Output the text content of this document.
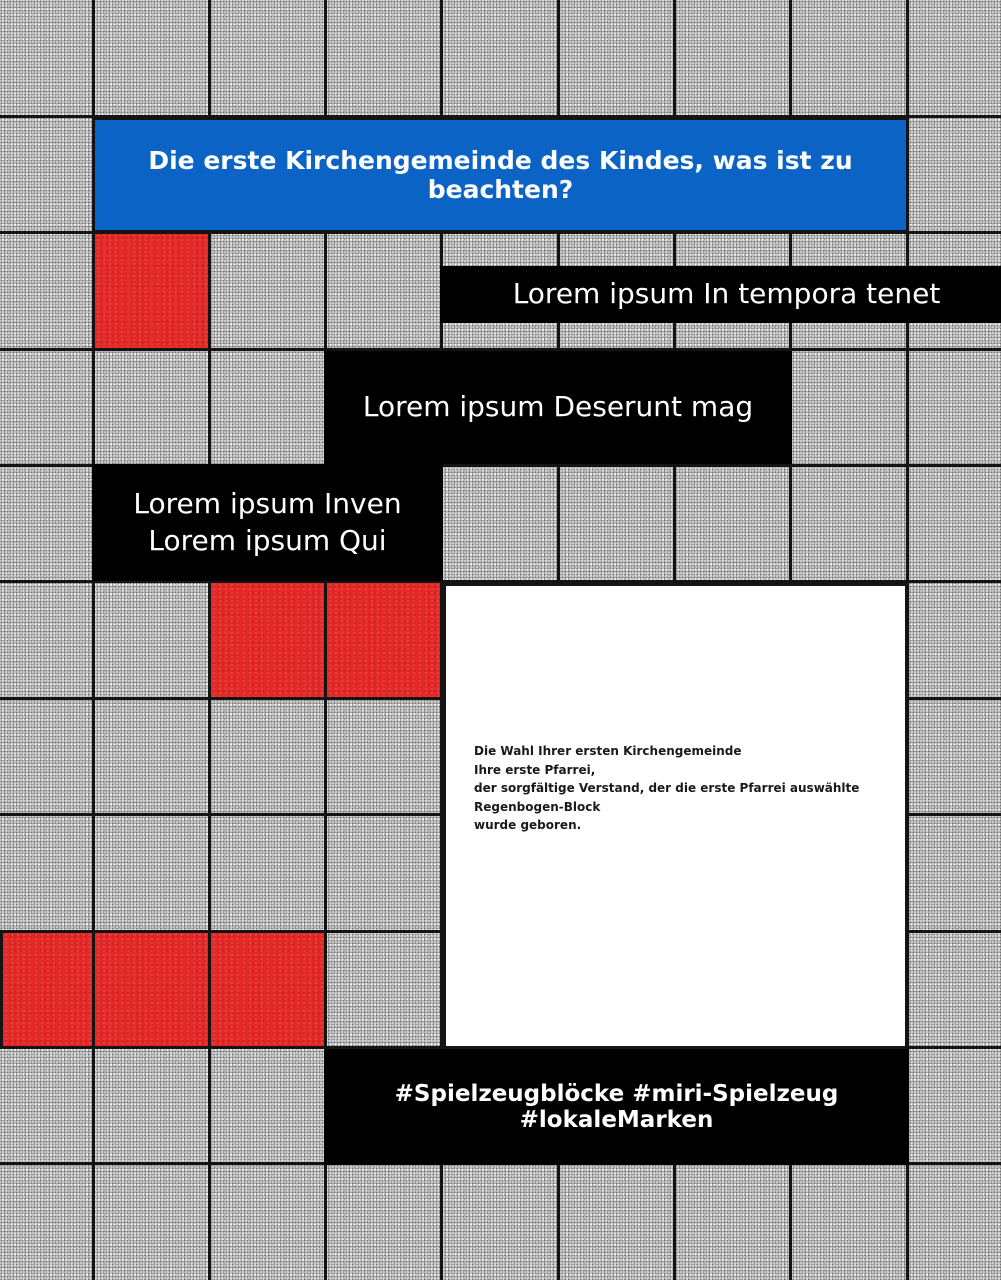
Die erste Kirchengemeinde des Kindes, was ist zu beachten?
Lorem ipsum In tempora tenet
Lorem ipsum Deserunt mag
Lorem ipsum Inven
Lorem ipsum Qui
Die Wahl Ihrer ersten Kirchengemeinde
Ihre erste Pfarrei,
der sorgfältige Verstand, der die erste Pfarrei auswählte
Regenbogen-Block
wurde geboren.
#Spielzeugblöcke #miri-Spielzeug #lokaleMarken
